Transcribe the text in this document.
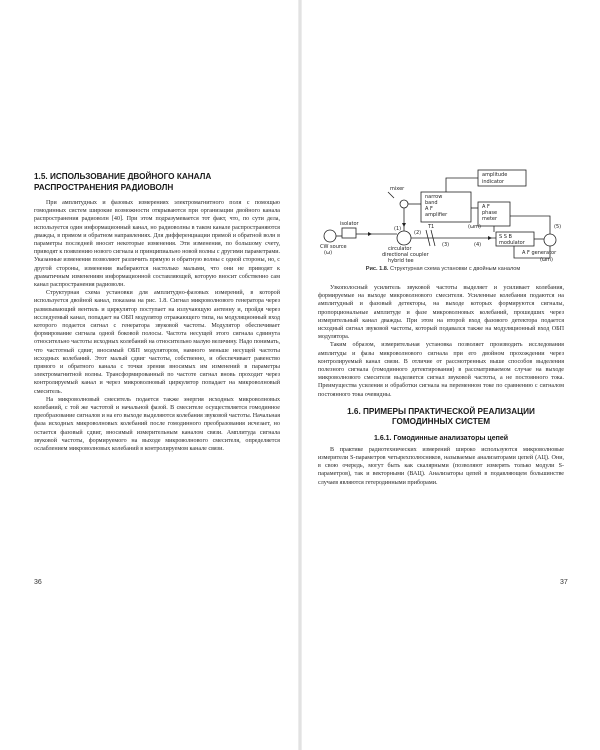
1.5. ИСПОЛЬЗОВАНИЕ ДВОЙНОГО КАНАЛА РАСПРОСТРАНЕНИЯ РАДИОВОЛН

При амплитудных и фазовых измерениях электромагнитного поля с помощью гомодинных систем широкие возможности открываются при организации двойного канала распространения радиоволн [40]. При этом подразумевается тот факт, что, по сути дела, используется один информационный канал, но радиоволны в таком канале распространяются дважды, в прямом и обратном направлениях. Для дифференциации прямой и обратной волн в параметры последней вносят некоторые изменения. Эти изменения, по большому счету, приводят к появлению нового сигнала и принципиально новой волны с другими параметрами. Указанные изменения позволяют различить прямую и обратную волны с одной стороны, но, с другой стороны, изменения выбираются настолько малыми, что они не приводят к драматичным изменениям информационной составляющей, которую вносит собственно сам канал распространения радиоволн.

Структурная схема установки для амплитудно-фазовых измерений, в которой используется двойной канал, показана на рис. 1.8. Сигнал микроволнового генератора через развязывающий вентиль и циркулятор поступает на излучающую антенну и, пройдя через исследуемый канал, попадает на ОБП модулятор отражающего типа, на модуляционный вход которого подается сигнал с генератора звуковой частоты. Модулятор обеспечивает формирование сигнала одной боковой полосы. Частота несущей этого сигнала сдвинута относительно частоты исходных колебаний на относительно малую величину. Надо понимать, что частотный сдвиг, вносимый ОБП модулятором, намного меньше несущей частоты исходных колебаний. Этот малый сдвиг частоты, собственно, и обеспечивает равенство прямого и обратного канала с точки зрения вносимых им изменений в параметры электромагнитной волны. Трансформированный по частоте сигнал вновь проходит через контролируемый канал и через микроволновый циркулятор попадает на микроволновый смеситель.

На микроволновый смеситель подается также энергия исходных микроволновых колебаний, с той же частотой и начальной фазой. В смесителе осуществляется гомодинное преобразование сигналов и на его выходе выделяются колебания звуковой частоты. Начальная фаза исходных микроволновых колебаний после гомодинного преобразования исчезает, но остается фазовый сдвиг, вносимый измерительным каналом связи. Амплитуда сигнала звуковой частоты, формируемого на выходе микроволнового смесителя, определяется ослаблением микроволновых колебаний в контролируемом канале связи.

36
amplitude
indicator
mixer
narrow
band
A F
amplifier
A F
phase
meter
(ωm)
isolator
S S B
modulator
CW source
(ω)
circulator
directional coupler
hybrid tee
A F generator
(ωm)
(1)
(2)
(3)	(4)
(5)
T1

Рис. 1.8. Структурная схема установки с двойным каналом

Узкополосный усилитель звуковой частоты выделяет и усиливает колебания, формируемые на выходе микроволнового смесителя. Усиленные колебания подаются на амплитудный и фазовый детекторы, на выходе которых формируются сигналы, пропорциональные амплитуде и фазе микроволновых колебаний, прошедших через измерительный канал дважды. При этом на второй вход фазового детектора подается исходный сигнал звуковой частоты, который подавался также на модуляционный вход ОБП модулятора.

Таким образом, измерительная установка позволяет производить исследования амплитуды и фазы микроволнового сигнала при его двойном прохождении через контролируемый канал связи. В отличие от рассмотренных выше способов выделения полезного сигнала (гомодинного детектирования) в рассматриваемом случае на выходе микроволнового смесителя выделяется сигнал звуковой частоты, а не постоянного тока. Преимущества усиления и обработки сигнала на переменном токе по сравнению с сигналом постоянного тока очевидны.

1.6. ПРИМЕРЫ ПРАКТИЧЕСКОЙ РЕАЛИЗАЦИИ ГОМОДИННЫХ СИСТЕМ
1.6.1. Гомодинные анализаторы цепей

В практике радиотехнических измерений широко используются микроволновые измерители S-параметров четырехполюсников, называемые анализаторами цепей (АЦ). Они, в свою очередь, могут быть как скалярными (позволяют измерять только модули S-параметров), так и векторными (ВАЦ). Анализаторы цепей в подавляющем большинстве случаев являются гетеродинными приборами.

37
